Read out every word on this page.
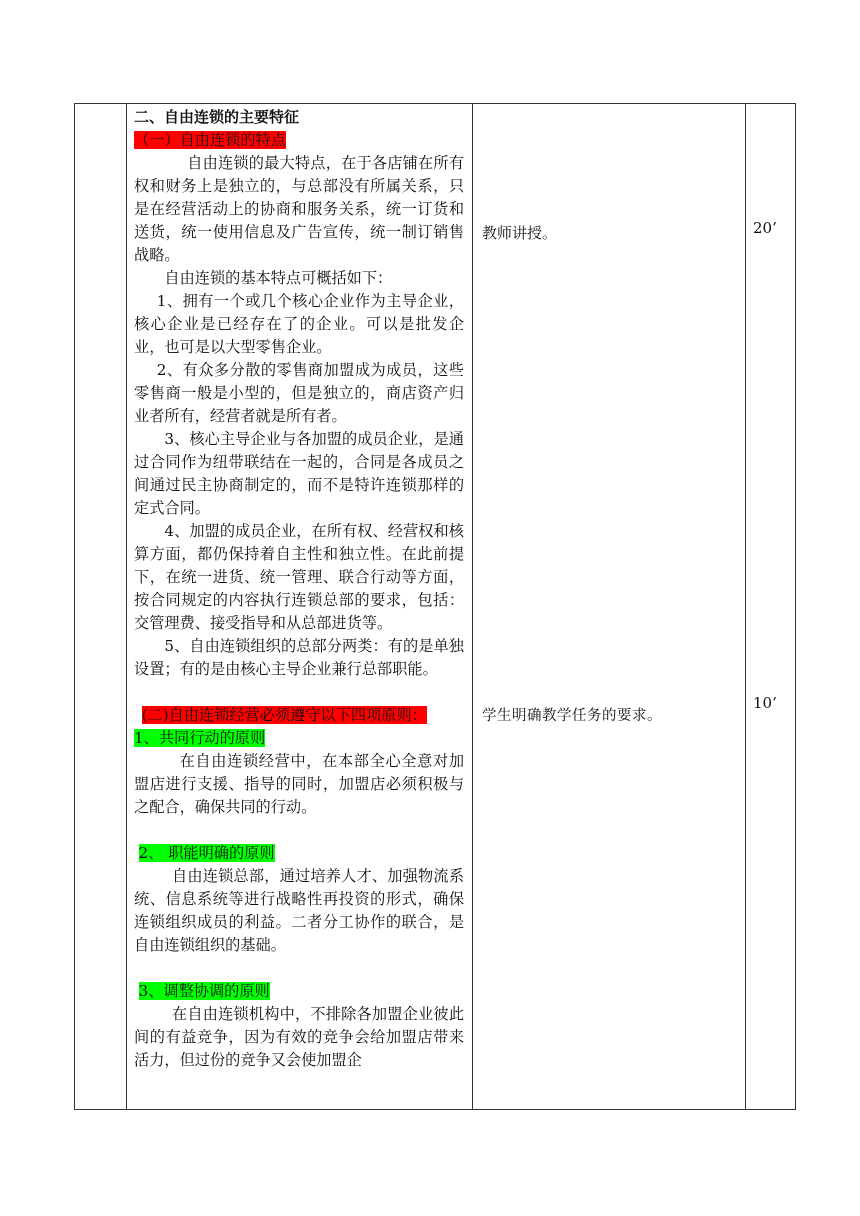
二、自由连锁的主要特征

（一）自由连锁的特点

自由连锁的最大特点，在于各店铺在所有权和财务上是独立的，与总部没有所属关系，只是在经营活动上的协商和服务关系，统一订货和送货，统一使用信息及广告宣传，统一制订销售战略。

自由连锁的基本特点可概括如下：

1、拥有一个或几个核心企业作为主导企业，核心企业是已经存在了的企业。可以是批发企业，也可是以大型零售企业。

2、有众多分散的零售商加盟成为成员，这些零售商一般是小型的，但是独立的，商店资产归业者所有，经营者就是所有者。

3、核心主导企业与各加盟的成员企业，是通过合同作为纽带联结在一起的，合同是各成员之间通过民主协商制定的，而不是特许连锁那样的定式合同。

4、加盟的成员企业，在所有权、经营权和核算方面，都仍保持着自主性和独立性。在此前提下，在统一进货、统一管理、联合行动等方面，按合同规定的内容执行连锁总部的要求，包括：交管理费、接受指导和从总部进货等。

5、自由连锁组织的总部分两类：有的是单独设置；有的是由核心主导企业兼行总部职能。

(二)自由连锁经营必须遵守以下四项原则：

1、共同行动的原则

在自由连锁经营中，在本部全心全意对加盟店进行支援、指导的同时，加盟店必须积极与之配合，确保共同的行动。

2、 职能明确的原则

自由连锁总部，通过培养人才、加强物流系统、信息系统等进行战略性再投资的形式，确保连锁组织成员的利益。二者分工协作的联合，是自由连锁组织的基础。

3、调整协调的原则

在自由连锁机构中，不排除各加盟企业彼此间的有益竞争，因为有效的竞争会给加盟店带来活力，但过份的竞争又会使加盟企

教师讲授。
学生明确教学任务的要求。
20’
10’
